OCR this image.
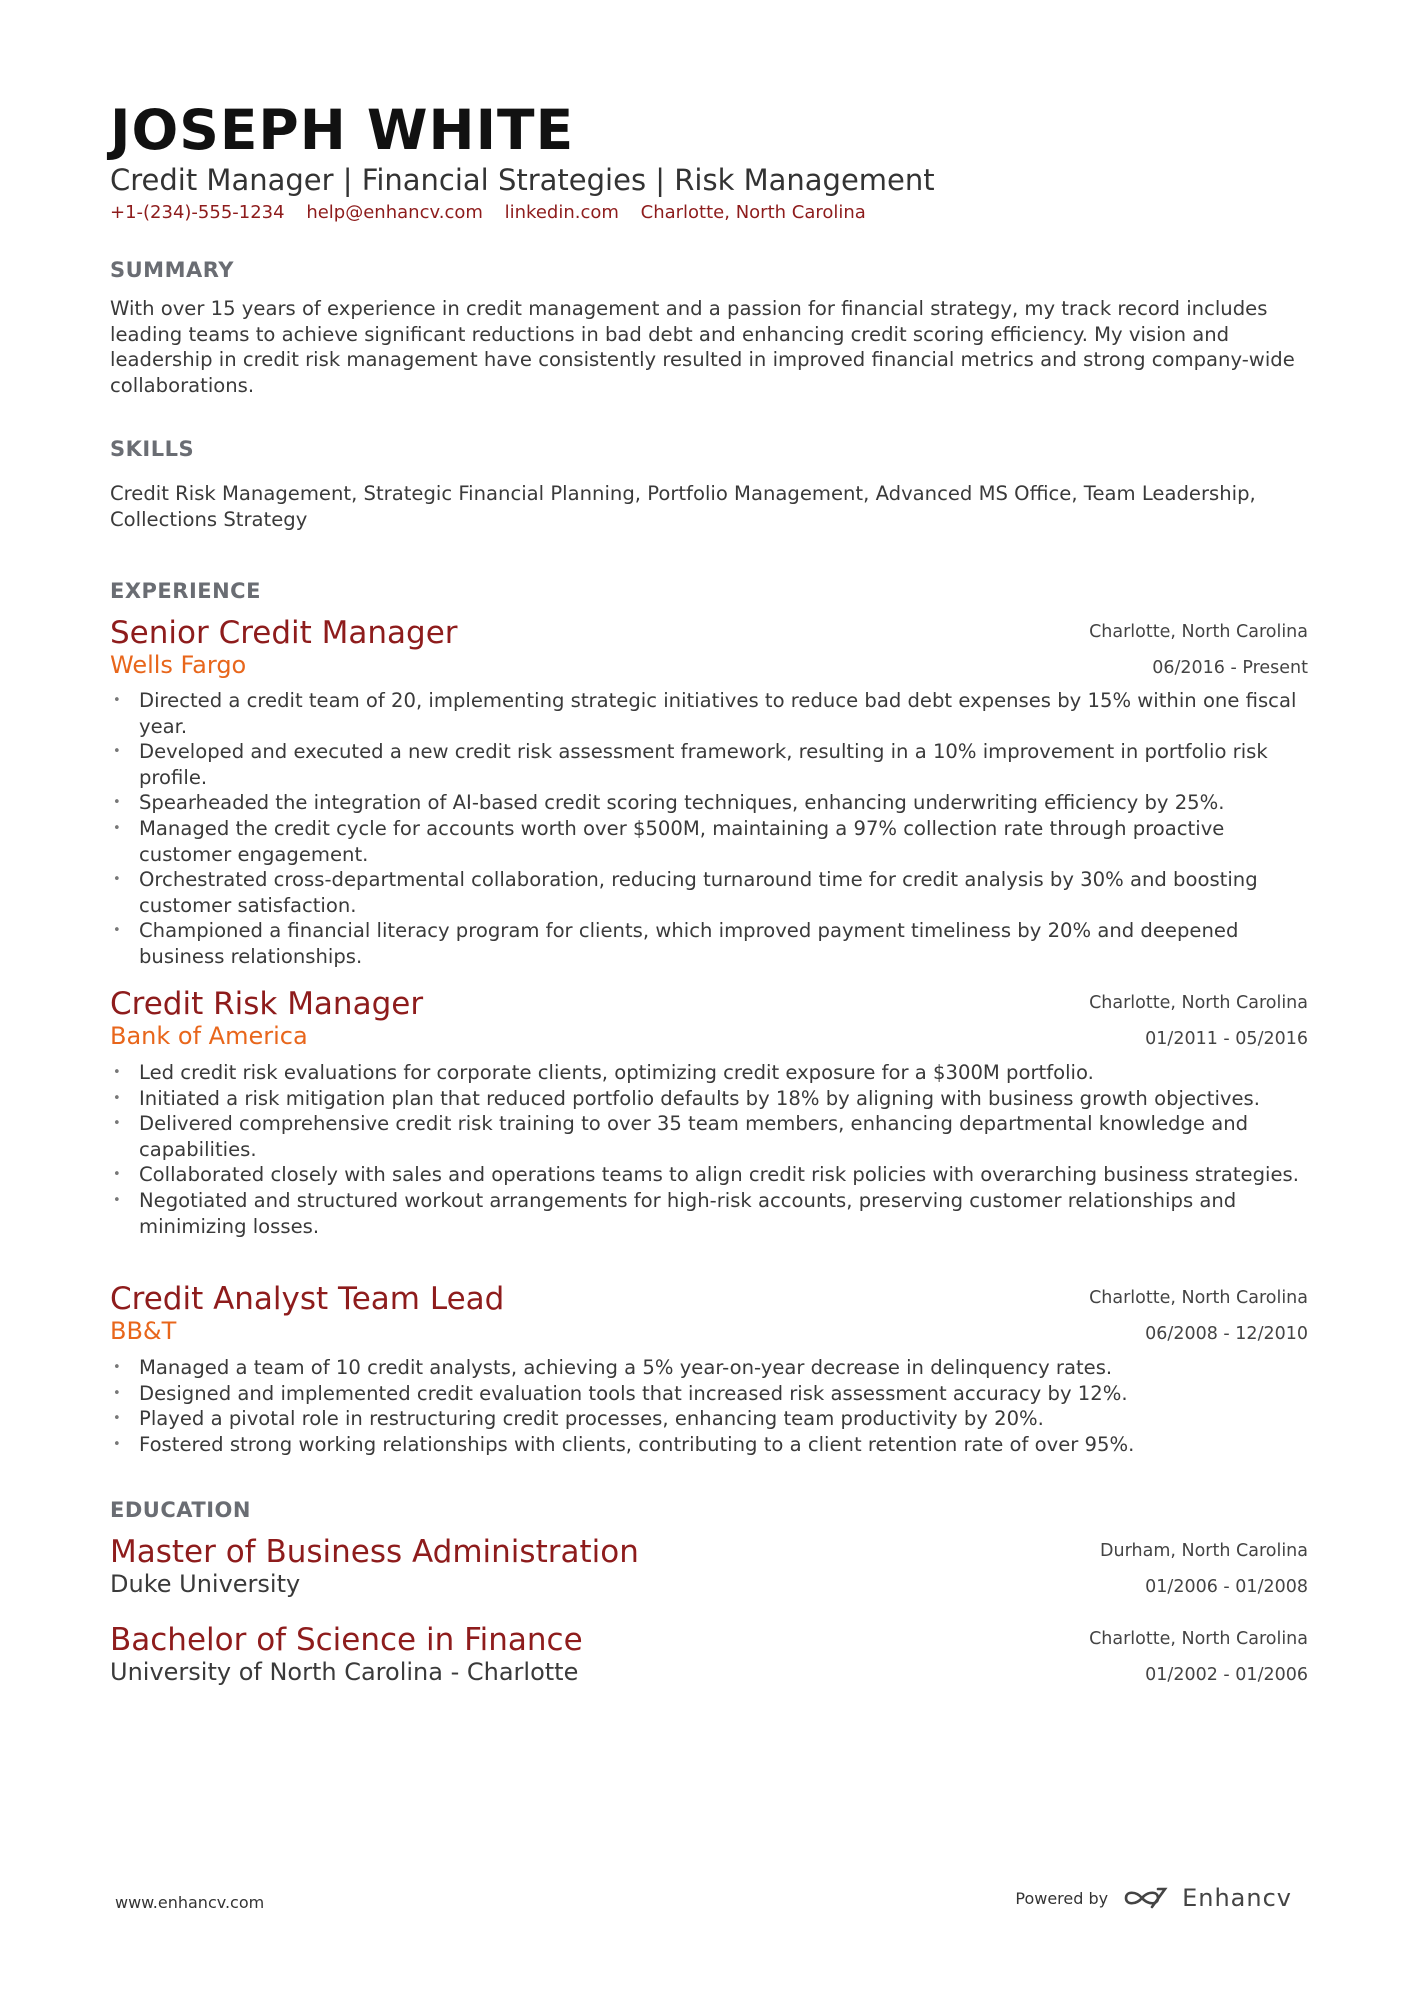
JOSEPH WHITE
Credit Manager | Financial Strategies | Risk Management
+1-(234)-555-1234 help@enhancv.com linkedin.com Charlotte, North Carolina
SUMMARY
With over 15 years of experience in credit management and a passion for financial strategy, my track record includes leading teams to achieve significant reductions in bad debt and enhancing credit scoring efficiency. My vision and leadership in credit risk management have consistently resulted in improved financial metrics and strong company-wide collaborations.
SKILLS
Credit Risk Management, Strategic Financial Planning, Portfolio Management, Advanced MS Office, Team Leadership, Collections Strategy
EXPERIENCE
Senior Credit Manager
Wells Fargo
Charlotte, North Carolina
06/2016 - Present
• Directed a credit team of 20, implementing strategic initiatives to reduce bad debt expenses by 15% within one fiscal year.
• Developed and executed a new credit risk assessment framework, resulting in a 10% improvement in portfolio risk profile.
• Spearheaded the integration of AI-based credit scoring techniques, enhancing underwriting efficiency by 25%.
• Managed the credit cycle for accounts worth over $500M, maintaining a 97% collection rate through proactive customer engagement.
• Orchestrated cross-departmental collaboration, reducing turnaround time for credit analysis by 30% and boosting customer satisfaction.
• Championed a financial literacy program for clients, which improved payment timeliness by 20% and deepened business relationships.
Credit Risk Manager
Bank of America
Charlotte, North Carolina
01/2011 - 05/2016
• Led credit risk evaluations for corporate clients, optimizing credit exposure for a $300M portfolio.
• Initiated a risk mitigation plan that reduced portfolio defaults by 18% by aligning with business growth objectives.
• Delivered comprehensive credit risk training to over 35 team members, enhancing departmental knowledge and capabilities.
• Collaborated closely with sales and operations teams to align credit risk policies with overarching business strategies.
• Negotiated and structured workout arrangements for high-risk accounts, preserving customer relationships and minimizing losses.
Credit Analyst Team Lead
BB&T
Charlotte, North Carolina
06/2008 - 12/2010
• Managed a team of 10 credit analysts, achieving a 5% year-on-year decrease in delinquency rates.
• Designed and implemented credit evaluation tools that increased risk assessment accuracy by 12%.
• Played a pivotal role in restructuring credit processes, enhancing team productivity by 20%.
• Fostered strong working relationships with clients, contributing to a client retention rate of over 95%.
EDUCATION
Master of Business Administration
Duke University
Durham, North Carolina
01/2006 - 01/2008
Bachelor of Science in Finance
University of North Carolina - Charlotte
Charlotte, North Carolina
01/2002 - 01/2006
www.enhancv.com	Powered by	Enhancv
